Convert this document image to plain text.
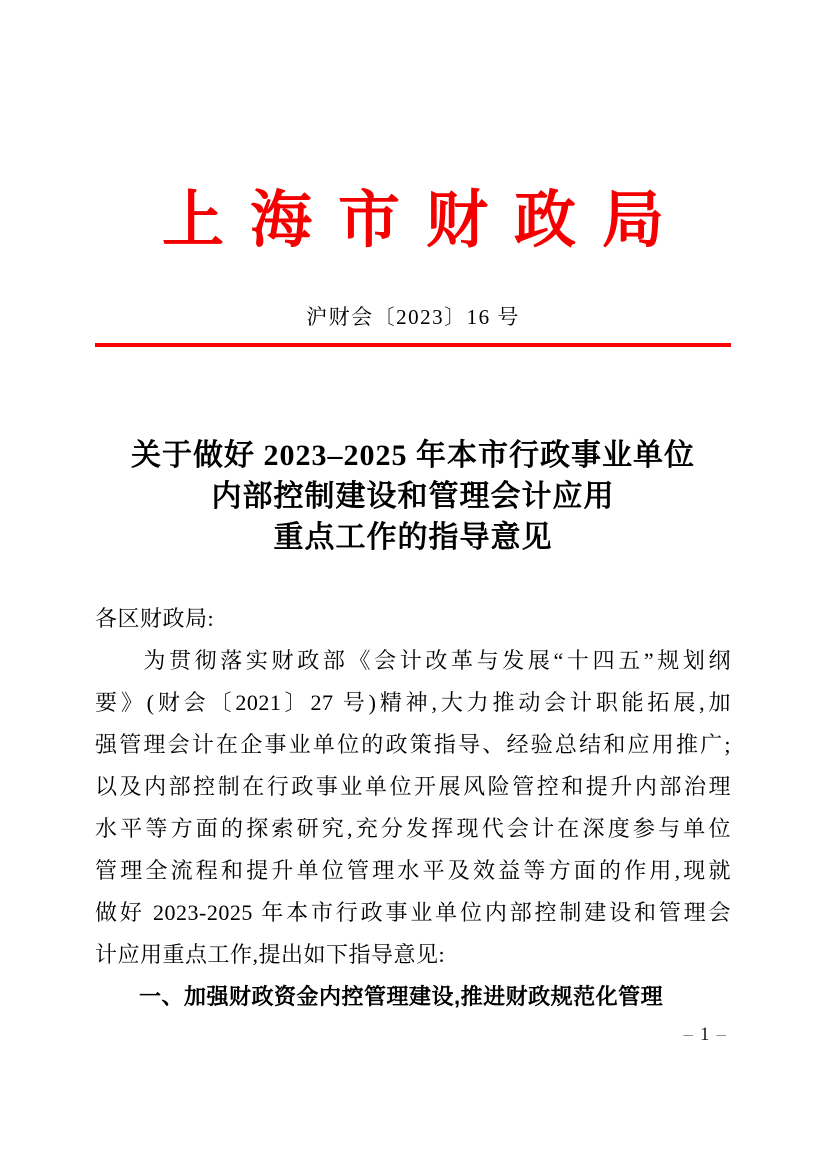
上海市财政局
沪财会〔2023〕16 号
关于做好 2023–2025 年本市行政事业单位
内部控制建设和管理会计应用
重点工作的指导意见
各区财政局:
为贯彻落实财政部《会计改革与发展“十四五”规划纲
要》(财会〔2021〕27 号)精神,大力推动会计职能拓展,加
强管理会计在企事业单位的政策指导、经验总结和应用推广;
以及内部控制在行政事业单位开展风险管控和提升内部治理
水平等方面的探索研究,充分发挥现代会计在深度参与单位
管理全流程和提升单位管理水平及效益等方面的作用,现就
做好 2023-2025 年本市行政事业单位内部控制建设和管理会
计应用重点工作,提出如下指导意见:
一、加强财政资金内控管理建设,推进财政规范化管理
– 1 –
